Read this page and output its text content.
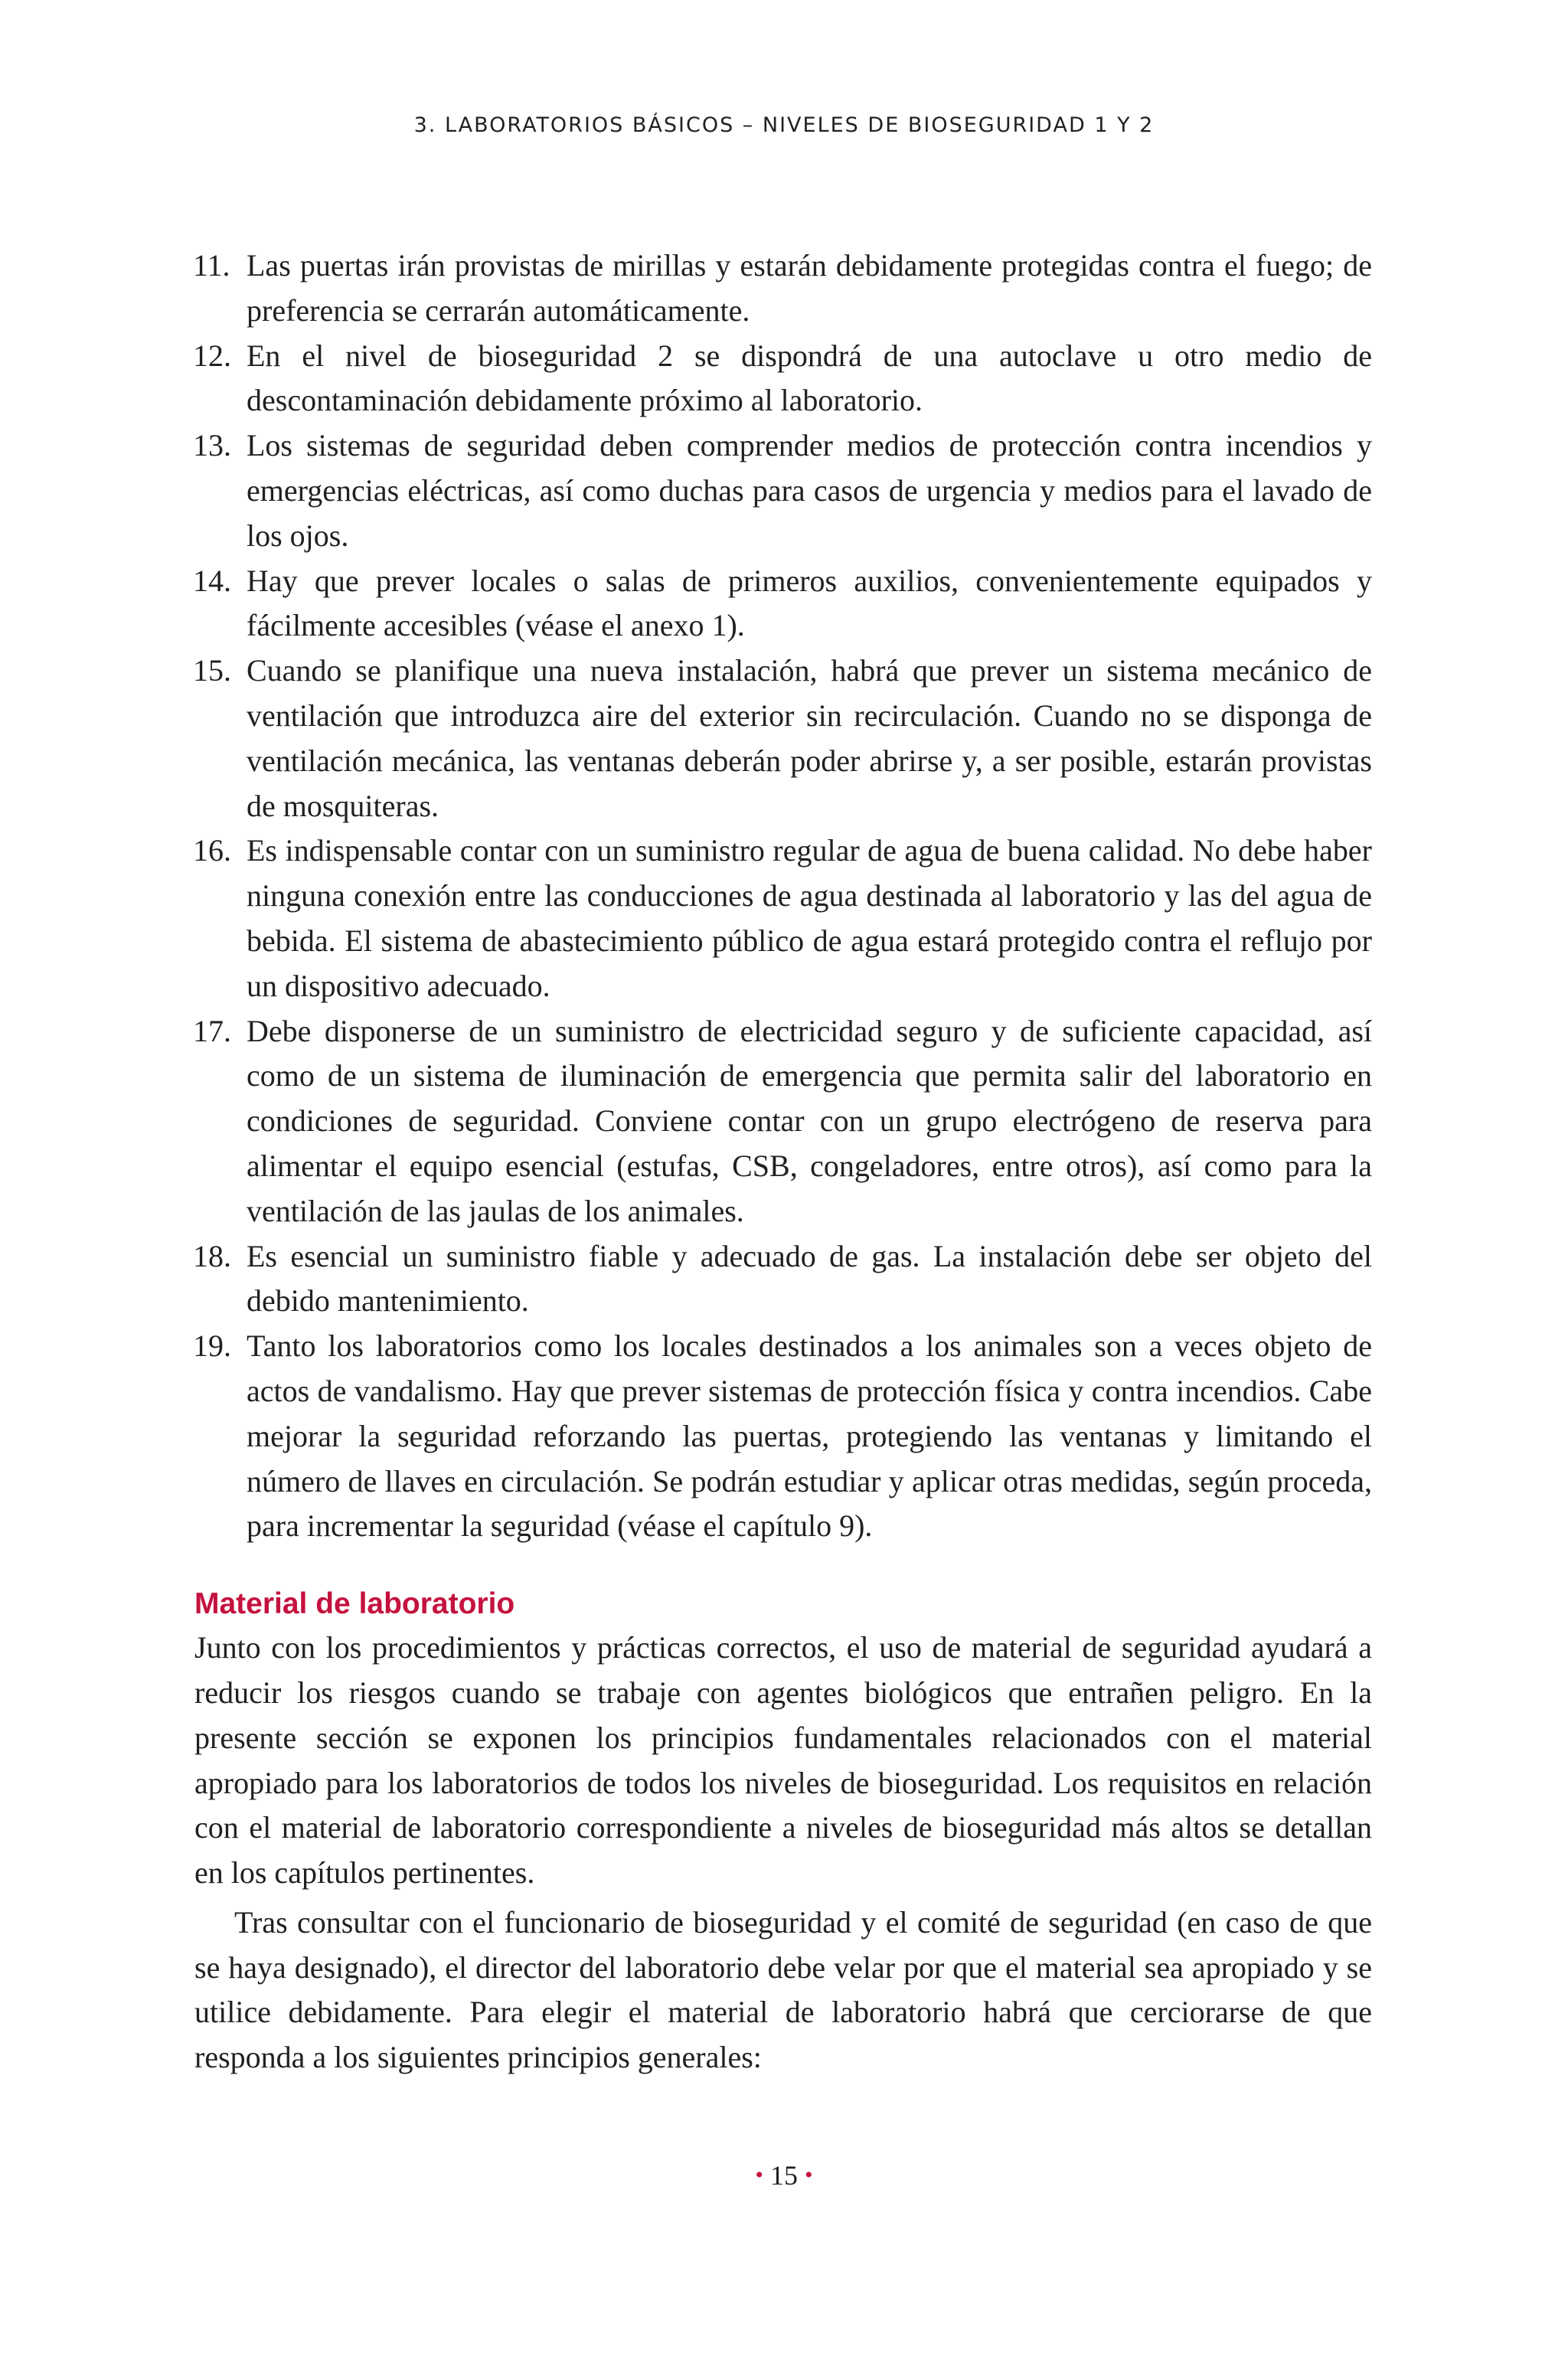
3. LABORATORIOS BÁSICOS – NIVELES DE BIOSEGURIDAD 1 Y 2
11. Las puertas irán provistas de mirillas y estarán debidamente protegidas contra el fuego; de preferencia se cerrarán automáticamente.
12. En el nivel de bioseguridad 2 se dispondrá de una autoclave u otro medio de descontaminación debidamente próximo al laboratorio.
13. Los sistemas de seguridad deben comprender medios de protección contra incendios y emergencias eléctricas, así como duchas para casos de urgencia y medios para el lavado de los ojos.
14. Hay que prever locales o salas de primeros auxilios, convenientemente equipados y fácilmente accesibles (véase el anexo 1).
15. Cuando se planifique una nueva instalación, habrá que prever un sistema mecánico de ventilación que introduzca aire del exterior sin recirculación. Cuando no se disponga de ventilación mecánica, las ventanas deberán poder abrirse y, a ser posible, estarán provistas de mosquiteras.
16. Es indispensable contar con un suministro regular de agua de buena calidad. No debe haber ninguna conexión entre las conducciones de agua destinada al laboratorio y las del agua de bebida. El sistema de abastecimiento público de agua estará protegido contra el reflujo por un dispositivo adecuado.
17. Debe disponerse de un suministro de electricidad seguro y de suficiente capacidad, así como de un sistema de iluminación de emergencia que permita salir del laboratorio en condiciones de seguridad. Conviene contar con un grupo electrógeno de reserva para alimentar el equipo esencial (estufas, CSB, congeladores, entre otros), así como para la ventilación de las jaulas de los animales.
18. Es esencial un suministro fiable y adecuado de gas. La instalación debe ser objeto del debido mantenimiento.
19. Tanto los laboratorios como los locales destinados a los animales son a veces objeto de actos de vandalismo. Hay que prever sistemas de protección física y contra incendios. Cabe mejorar la seguridad reforzando las puertas, protegiendo las ventanas y limitando el número de llaves en circulación. Se podrán estudiar y aplicar otras medidas, según proceda, para incrementar la seguridad (véase el capítulo 9).
Material de laboratorio

Junto con los procedimientos y prácticas correctos, el uso de material de seguridad ayudará a reducir los riesgos cuando se trabaje con agentes biológicos que entrañen peligro. En la presente sección se exponen los principios fundamentales relacionados con el material apropiado para los laboratorios de todos los niveles de bioseguridad. Los requisitos en relación con el material de laboratorio correspondiente a niveles de bioseguridad más altos se detallan en los capítulos pertinentes.

Tras consultar con el funcionario de bioseguridad y el comité de seguridad (en caso de que se haya designado), el director del laboratorio debe velar por que el material sea apropiado y se utilice debidamente. Para elegir el material de laboratorio habrá que cerciorarse de que responda a los siguientes principios generales:

• 15 •
